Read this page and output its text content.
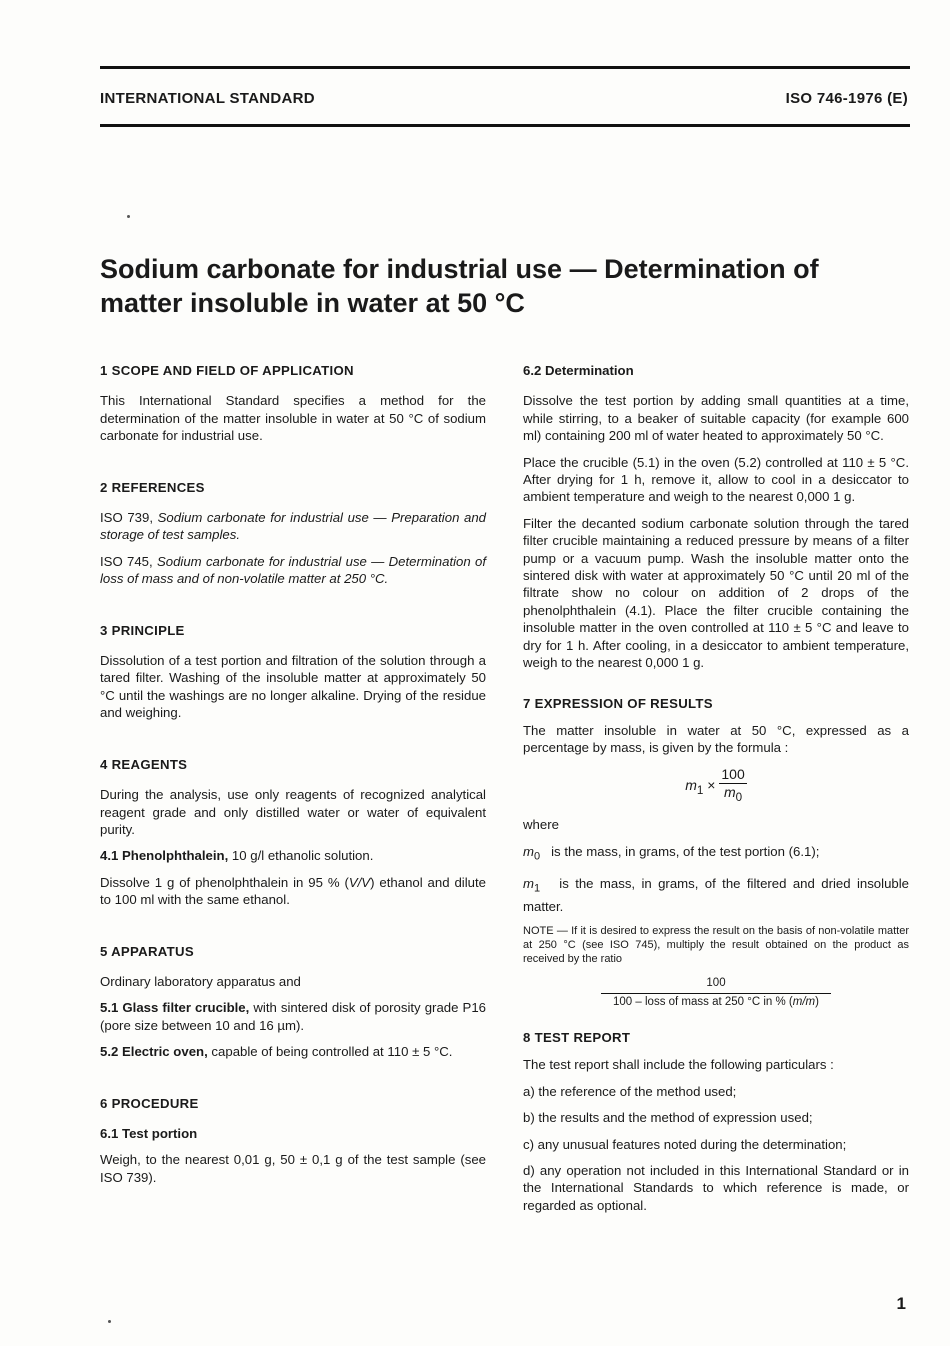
INTERNATIONAL STANDARD	ISO 746-1976 (E)
Sodium carbonate for industrial use — Determination of
matter insoluble in water at 50 °C
1 SCOPE AND FIELD OF APPLICATION

This International Standard specifies a method for the determination of the matter insoluble in water at 50 °C of sodium carbonate for industrial use.

2 REFERENCES

ISO 739, Sodium carbonate for industrial use — Preparation and storage of test samples.

ISO 745, Sodium carbonate for industrial use — Determination of loss of mass and of non-volatile matter at 250 °C.

3 PRINCIPLE

Dissolution of a test portion and filtration of the solution through a tared filter. Washing of the insoluble matter at approximately 50 °C until the washings are no longer alkaline. Drying of the residue and weighing.

4 REAGENTS

During the analysis, use only reagents of recognized analytical reagent grade and only distilled water or water of equivalent purity.

4.1 Phenolphthalein, 10 g/l ethanolic solution.

Dissolve 1 g of phenolphthalein in 95 % (V/V) ethanol and dilute to 100 ml with the same ethanol.

5 APPARATUS

Ordinary laboratory apparatus and

5.1 Glass filter crucible, with sintered disk of porosity grade P16 (pore size between 10 and 16 µm).

5.2 Electric oven, capable of being controlled at 110 ± 5 °C.

6 PROCEDURE
6.1 Test portion

Weigh, to the nearest 0,01 g, 50 ± 0,1 g of the test sample (see ISO 739).

6.2 Determination

Dissolve the test portion by adding small quantities at a time, while stirring, to a beaker of suitable capacity (for example 600 ml) containing 200 ml of water heated to approximately 50 °C.

Place the crucible (5.1) in the oven (5.2) controlled at 110 ± 5 °C. After drying for 1 h, remove it, allow to cool in a desiccator to ambient temperature and weigh to the nearest 0,000 1 g.

Filter the decanted sodium carbonate solution through the tared filter crucible maintaining a reduced pressure by means of a filter pump or a vacuum pump. Wash the insoluble matter onto the sintered disk with water at approximately 50 °C until 20 ml of the filtrate show no colour on addition of 2 drops of the phenolphthalein (4.1). Place the filter crucible containing the insoluble matter in the oven controlled at 110 ± 5 °C and leave to dry for 1 h. After cooling, in a desiccator to ambient temperature, weigh to the nearest 0,000 1 g.

7 EXPRESSION OF RESULTS

The matter insoluble in water at 50 °C, expressed as a percentage by mass, is given by the formula :

$m_1 \times \frac{100}{m_0}$

where

$m_0$ is the mass, in grams, of the test portion (6.1);

$m_1$ is the mass, in grams, of the filtered and dried insoluble matter.

NOTE — If it is desired to express the result on the basis of non-volatile matter at 250 °C (see ISO 745), multiply the result obtained on the product as received by the ratio

100
100 – loss of mass at 250 °C in % (m/m)
8 TEST REPORT

The test report shall include the following particulars :

a) the reference of the method used;

b) the results and the method of expression used;

c) any unusual features noted during the determination;

d) any operation not included in this International Standard or in the International Standards to which reference is made, or regarded as optional.

1
